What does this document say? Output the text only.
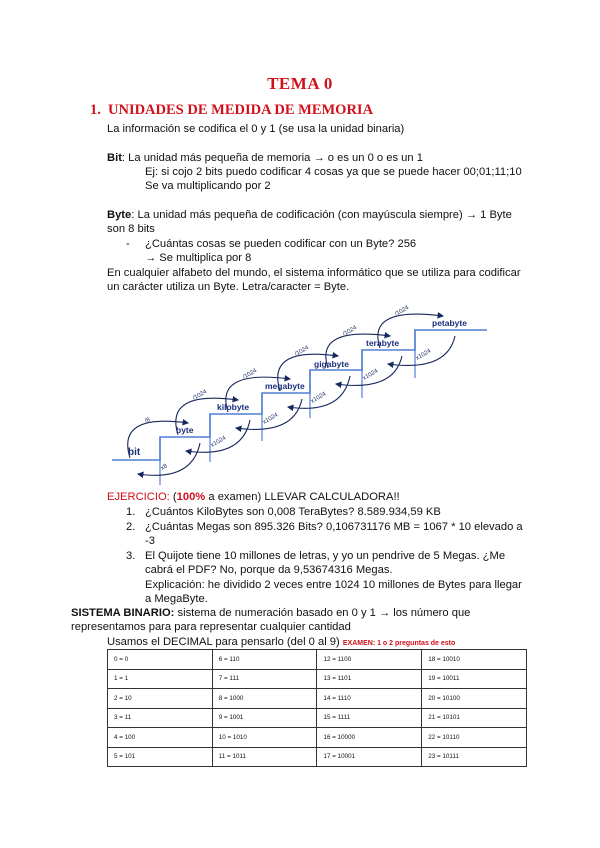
TEMA 0
1. UNIDADES DE MEDIDA DE MEMORIA
La información se codifica el 0 y 1 (se usa la unidad binaria)
Bit: La unidad más pequeña de memoria → o es un 0 o es un 1
Ej: si cojo 2 bits puedo codificar 4 cosas ya que se puede hacer 00;01;11;10
Se va multiplicando por 2
Byte: La unidad más pequeña de codificación (con mayúscula siempre) → 1 Byte
son 8 bits
- ¿Cuántas cosas se pueden codificar con un Byte? 256
→ Se multiplica por 8
En cualquier alfabeto del mundo, el sistema informático que se utiliza para codificar
un carácter utiliza un Byte. Letra/caracter = Byte.
bit
byte
kilobyte
megabyte
gigabyte
terabyte
petabyte
/8
/1024
/1024
/1024
/1024
/1024
x8
x1024
x1024
x1024
x1024
x1024
EJERCICIO: (100% a examen) LLEVAR CALCULADORA!!
1. ¿Cuántos KiloBytes son 0,008 TeraBytes? 8.589.934,59 KB
2. ¿Cuántas Megas son 895.326 Bits? 0,106731176 MB = 1067 * 10 elevado a
-3
3. El Quijote tiene 10 millones de letras, y yo un pendrive de 5 Megas. ¿Me
cabrá el PDF? No, porque da 9,53674316 Megas.
Explicación: he dividido 2 veces entre 1024 10 millones de Bytes para llegar
a MegaByte.
SISTEMA BINARIO: sistema de numeración basado en 0 y 1 → los número que
representamos para para representar cualquier cantidad
Usamos el DECIMAL para pensarlo (del 0 al 9) EXAMEN: 1 o 2 preguntas de esto
0 = 0	6 = 110	12 = 1100	18 = 10010
1 = 1	7 = 111	13 = 1101	19 = 10011
2 = 10	8 = 1000	14 = 1110	20 = 10100
3 = 11	9 = 1001	15 = 1111	21 = 10101
4 = 100	10 = 1010	16 = 10000	22 = 10110
5 = 101	11 = 1011	17 = 10001	23 = 10111
